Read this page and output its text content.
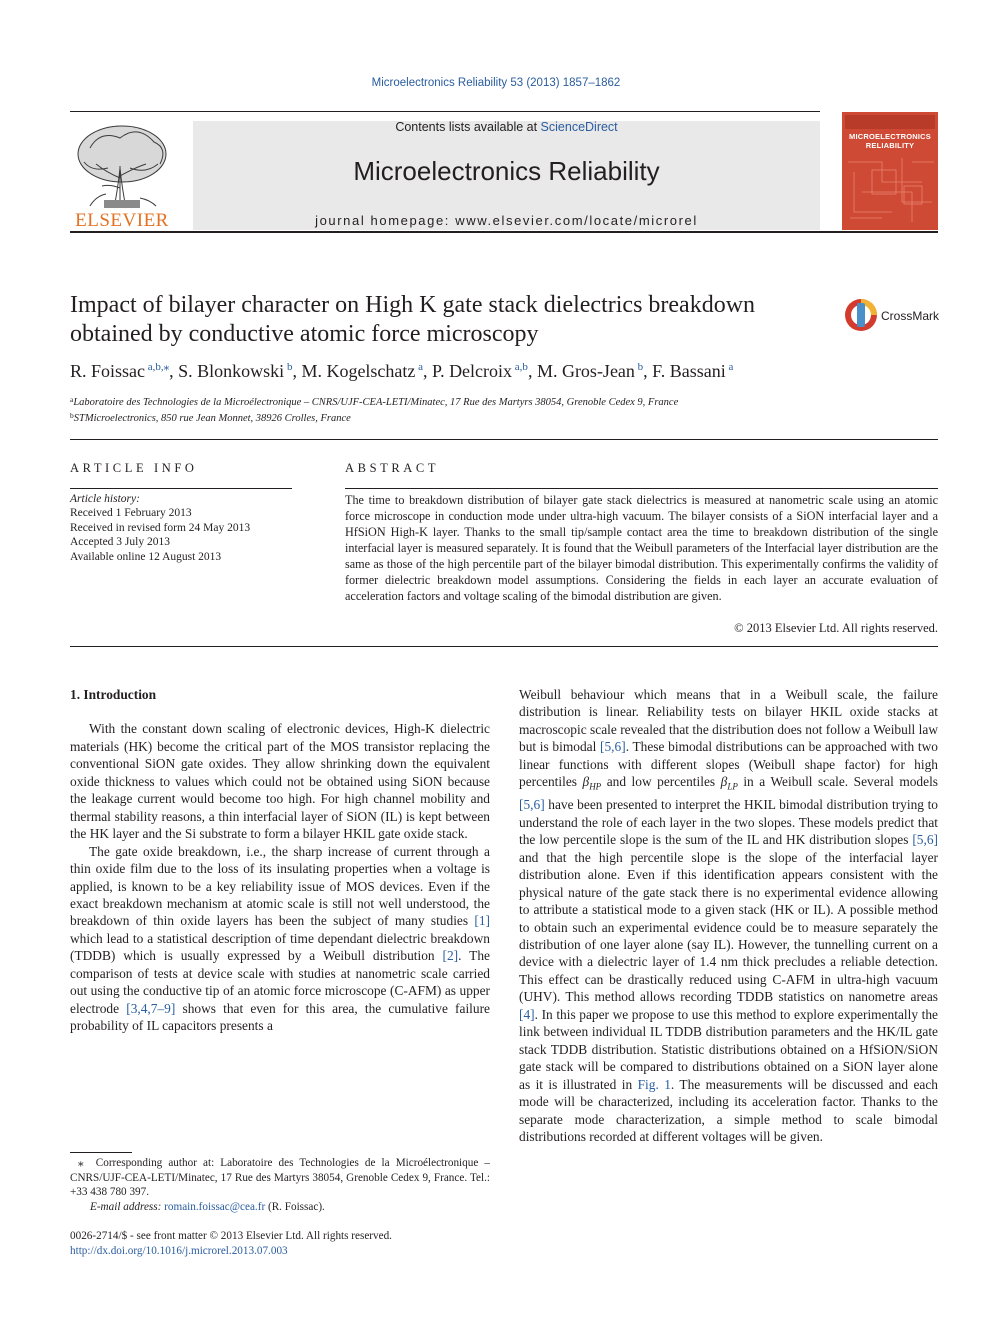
Microelectronics Reliability 53 (2013) 1857–1862
Contents lists available at ScienceDirect
Microelectronics Reliability
journal homepage: www.elsevier.com/locate/microrel
ELSEVIER
MICROELECTRONICS
RELIABILITY
Impact of bilayer character on High K gate stack dielectrics breakdown obtained by conductive atomic force microscopy
CrossMark
R. Foissac $^{a,b,⁎}$, S. Blonkowski $^b$, M. Kogelschatz $^a$, P. Delcroix $^{a,b}$, M. Gros-Jean $^b$, F. Bassani $^a$
$^a$Laboratoire des Technologies de la Microélectronique – CNRS/UJF-CEA-LETI/Minatec, 17 Rue des Martyrs 38054, Grenoble Cedex 9, France
$^b$STMicroelectronics, 850 rue Jean Monnet, 38926 Crolles, France
ARTICLE INFO	ABSTRACT
Article history:
Received 1 February 2013
Received in revised form 24 May 2013
Accepted 3 July 2013
Available online 12 August 2013
The time to breakdown distribution of bilayer gate stack dielectrics is measured at nanometric scale using an atomic force microscope in conduction mode under ultra-high vacuum. The bilayer consists of a SiON interfacial layer and a HfSiON High-K layer. Thanks to the small tip/sample contact area the time to breakdown distribution of the single interfacial layer is measured separately. It is found that the Weibull parameters of the Interfacial layer distribution are the same as those of the high percentile part of the bilayer bimodal distribution. This experimentally confirms the validity of former dielectric breakdown model assumptions. Considering the fields in each layer an accurate evaluation of acceleration factors and voltage scaling of the bimodal distribution are given.
© 2013 Elsevier Ltd. All rights reserved.
1. Introduction

With the constant down scaling of electronic devices, High-K dielectric materials (HK) become the critical part of the MOS transistor replacing the conventional SiON gate oxides. They allow shrinking down the equivalent oxide thickness to values which could not be obtained using SiON because the leakage current would become too high. For high channel mobility and thermal stability reasons, a thin interfacial layer of SiON (IL) is kept between the HK layer and the Si substrate to form a bilayer HKIL gate oxide stack.

The gate oxide breakdown, i.e., the sharp increase of current through a thin oxide film due to the loss of its insulating properties when a voltage is applied, is known to be a key reliability issue of MOS devices. Even if the exact breakdown mechanism at atomic scale is still not well understood, the breakdown of thin oxide layers has been the subject of many studies [1] which lead to a statistical description of time dependant dielectric breakdown (TDDB) which is usually expressed by a Weibull distribution [2]. The comparison of tests at device scale with studies at nanometric scale carried out using the conductive tip of an atomic force microscope (C-AFM) as upper electrode [3,4,7–9] shows that even for this area, the cumulative failure probability of IL capacitors presents a

Weibull behaviour which means that in a Weibull scale, the failure distribution is linear. Reliability tests on bilayer HKIL oxide stacks at macroscopic scale revealed that the distribution does not follow a Weibull law but is bimodal [5,6]. These bimodal distributions can be approached with two linear functions with different slopes (Weibull shape factor) for high percentiles $\beta_{HP}$ and low percentiles $\beta_{LP}$ in a Weibull scale. Several models [5,6] have been presented to interpret the HKIL bimodal distribution trying to understand the role of each layer in the two slopes. These models predict that the low percentile slope is the sum of the IL and HK distribution slopes [5,6] and that the high percentile slope is the slope of the interfacial layer distribution alone. Even if this identification appears consistent with the physical nature of the gate stack there is no experimental evidence allowing to attribute a statistical mode to a given stack (HK or IL). A possible method to obtain such an experimental evidence could be to measure separately the distribution of one layer alone (say IL). However, the tunnelling current on a device with a dielectric layer of 1.4 nm thick precludes a reliable detection. This effect can be drastically reduced using C-AFM in ultra-high vacuum (UHV). This method allows recording TDDB statistics on nanometre areas [4]. In this paper we propose to use this method to explore experimentally the link between individual IL TDDB distribution parameters and the HK/IL gate stack TDDB distribution. Statistic distributions obtained on a HfSiON/SiON gate stack will be compared to distributions obtained on a SiON layer alone as it is illustrated in Fig. 1. The measurements will be discussed and each mode will be characterized, including its acceleration factor. Thanks to the separate mode characterization, a simple method to scale bimodal distributions recorded at different voltages will be given.

⁎ Corresponding author at: Laboratoire des Technologies de la Microélectronique – CNRS/UJF-CEA-LETI/Minatec, 17 Rue des Martyrs 38054, Grenoble Cedex 9, France. Tel.: +33 438 780 397.

E-mail address: romain.foissac@cea.fr (R. Foissac).

0026-2714/$ - see front matter © 2013 Elsevier Ltd. All rights reserved.
http://dx.doi.org/10.1016/j.microrel.2013.07.003
